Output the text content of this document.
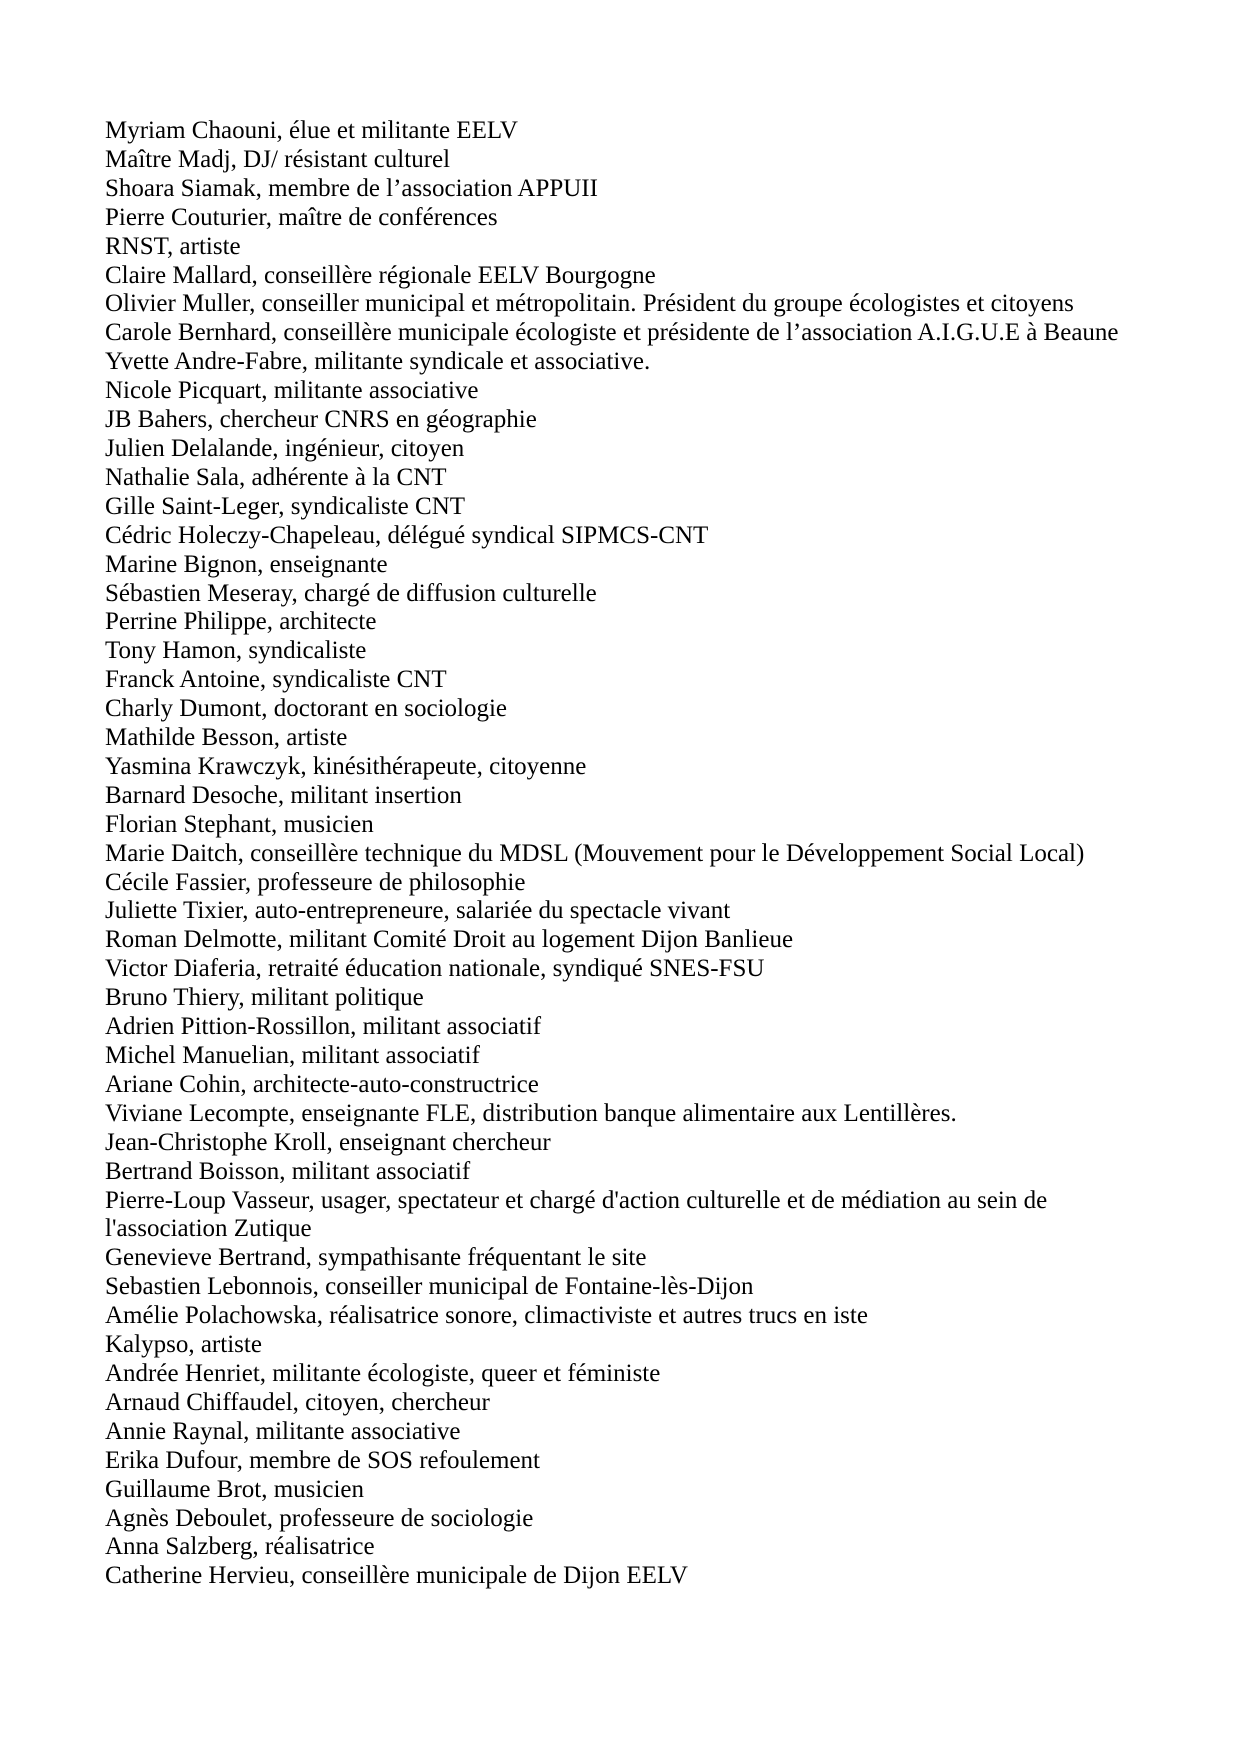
Myriam Chaouni, élue et militante EELV

Maître Madj, DJ/ résistant culturel

Shoara Siamak, membre de l’association APPUII

Pierre Couturier, maître de conférences

RNST, artiste

Claire Mallard, conseillère régionale EELV Bourgogne

Olivier Muller, conseiller municipal et métropolitain. Président du groupe écologistes et citoyens

Carole Bernhard, conseillère municipale écologiste et présidente de l’association A.I.G.U.E à Beaune

Yvette Andre-Fabre, militante syndicale et associative.

Nicole Picquart, militante associative

JB Bahers, chercheur CNRS en géographie

Julien Delalande, ingénieur, citoyen

Nathalie Sala, adhérente à la CNT

Gille Saint-Leger, syndicaliste CNT

Cédric Holeczy-Chapeleau, délégué syndical SIPMCS-CNT

Marine Bignon, enseignante

Sébastien Meseray, chargé de diffusion culturelle

Perrine Philippe, architecte

Tony Hamon, syndicaliste

Franck Antoine, syndicaliste CNT

Charly Dumont, doctorant en sociologie

Mathilde Besson, artiste

Yasmina Krawczyk, kinésithérapeute, citoyenne

Barnard Desoche, militant insertion

Florian Stephant, musicien

Marie Daitch, conseillère technique du MDSL (Mouvement pour le Développement Social Local)

Cécile Fassier, professeure de philosophie

Juliette Tixier, auto-entrepreneure, salariée du spectacle vivant

Roman Delmotte, militant Comité Droit au logement Dijon Banlieue

Victor Diaferia, retraité éducation nationale, syndiqué SNES-FSU

Bruno Thiery, militant politique

Adrien Pittion-Rossillon, militant associatif

Michel Manuelian, militant associatif

Ariane Cohin, architecte-auto-constructrice

Viviane Lecompte, enseignante FLE, distribution banque alimentaire aux Lentillères.

Jean-Christophe Kroll, enseignant chercheur

Bertrand Boisson, militant associatif

Pierre-Loup Vasseur, usager, spectateur et chargé d'action culturelle et de médiation au sein de l'association Zutique

Genevieve Bertrand, sympathisante fréquentant le site

Sebastien Lebonnois, conseiller municipal de Fontaine-lès-Dijon

Amélie Polachowska, réalisatrice sonore, climactiviste et autres trucs en iste

Kalypso, artiste

Andrée Henriet, militante écologiste, queer et féministe

Arnaud Chiffaudel, citoyen, chercheur

Annie Raynal, militante associative

Erika Dufour, membre de SOS refoulement

Guillaume Brot, musicien

Agnès Deboulet, professeure de sociologie

Anna Salzberg, réalisatrice

Catherine Hervieu, conseillère municipale de Dijon EELV
